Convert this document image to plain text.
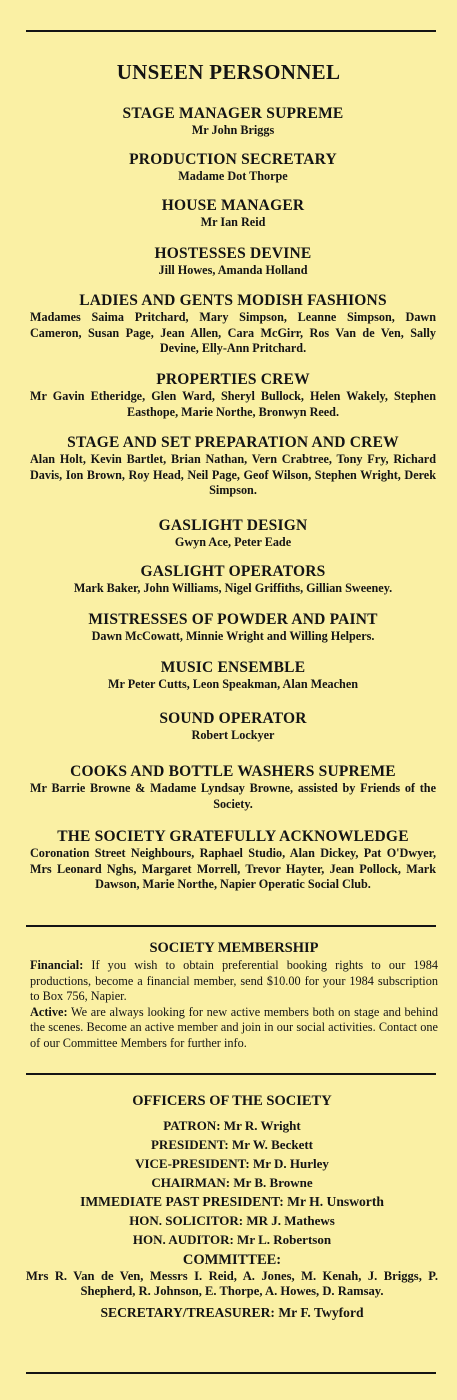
UNSEEN PERSONNEL
STAGE MANAGER SUPREME
Mr John Briggs
PRODUCTION SECRETARY
Madame Dot Thorpe
HOUSE MANAGER
Mr Ian Reid
HOSTESSES DEVINE
Jill Howes, Amanda Holland
LADIES AND GENTS MODISH FASHIONS
Madames Saima Pritchard, Mary Simpson, Leanne Simpson, Dawn Cameron, Susan Page, Jean Allen, Cara McGirr, Ros Van de Ven, Sally Devine, Elly-Ann Pritchard.
PROPERTIES CREW
Mr Gavin Etheridge, Glen Ward, Sheryl Bullock, Helen Wakely, Stephen Easthope, Marie Northe, Bronwyn Reed.
STAGE AND SET PREPARATION AND CREW
Alan Holt, Kevin Bartlet, Brian Nathan, Vern Crabtree, Tony Fry, Richard Davis, Ion Brown, Roy Head, Neil Page, Geof Wilson, Stephen Wright, Derek Simpson.
GASLIGHT DESIGN
Gwyn Ace, Peter Eade
GASLIGHT OPERATORS
Mark Baker, John Williams, Nigel Griffiths, Gillian Sweeney.
MISTRESSES OF POWDER AND PAINT
Dawn McCowatt, Minnie Wright and Willing Helpers.
MUSIC ENSEMBLE
Mr Peter Cutts, Leon Speakman, Alan Meachen
SOUND OPERATOR
Robert Lockyer
COOKS AND BOTTLE WASHERS SUPREME
Mr Barrie Browne & Madame Lyndsay Browne, assisted by Friends of the Society.
THE SOCIETY GRATEFULLY ACKNOWLEDGE
Coronation Street Neighbours, Raphael Studio, Alan Dickey, Pat O'Dwyer, Mrs Leonard Nghs, Margaret Morrell, Trevor Hayter, Jean Pollock, Mark Dawson, Marie Northe, Napier Operatic Social Club.
SOCIETY MEMBERSHIP

Financial: If you wish to obtain preferential booking rights to our 1984 productions, become a financial member, send $10.00 for your 1984 subscription to Box 756, Napier.

Active: We are always looking for new active members both on stage and behind the scenes. Become an active member and join in our social activities. Contact one of our Committee Members for further info.

OFFICERS OF THE SOCIETY
PATRON: Mr R. Wright
PRESIDENT: Mr W. Beckett
VICE-PRESIDENT: Mr D. Hurley
CHAIRMAN: Mr B. Browne
IMMEDIATE PAST PRESIDENT: Mr H. Unsworth
HON. SOLICITOR: MR J. Mathews
HON. AUDITOR: Mr L. Robertson
COMMITTEE:
Mrs R. Van de Ven, Messrs I. Reid, A. Jones, M. Kenah, J. Briggs, P. Shepherd, R. Johnson, E. Thorpe, A. Howes, D. Ramsay.
SECRETARY/TREASURER: Mr F. Twyford
